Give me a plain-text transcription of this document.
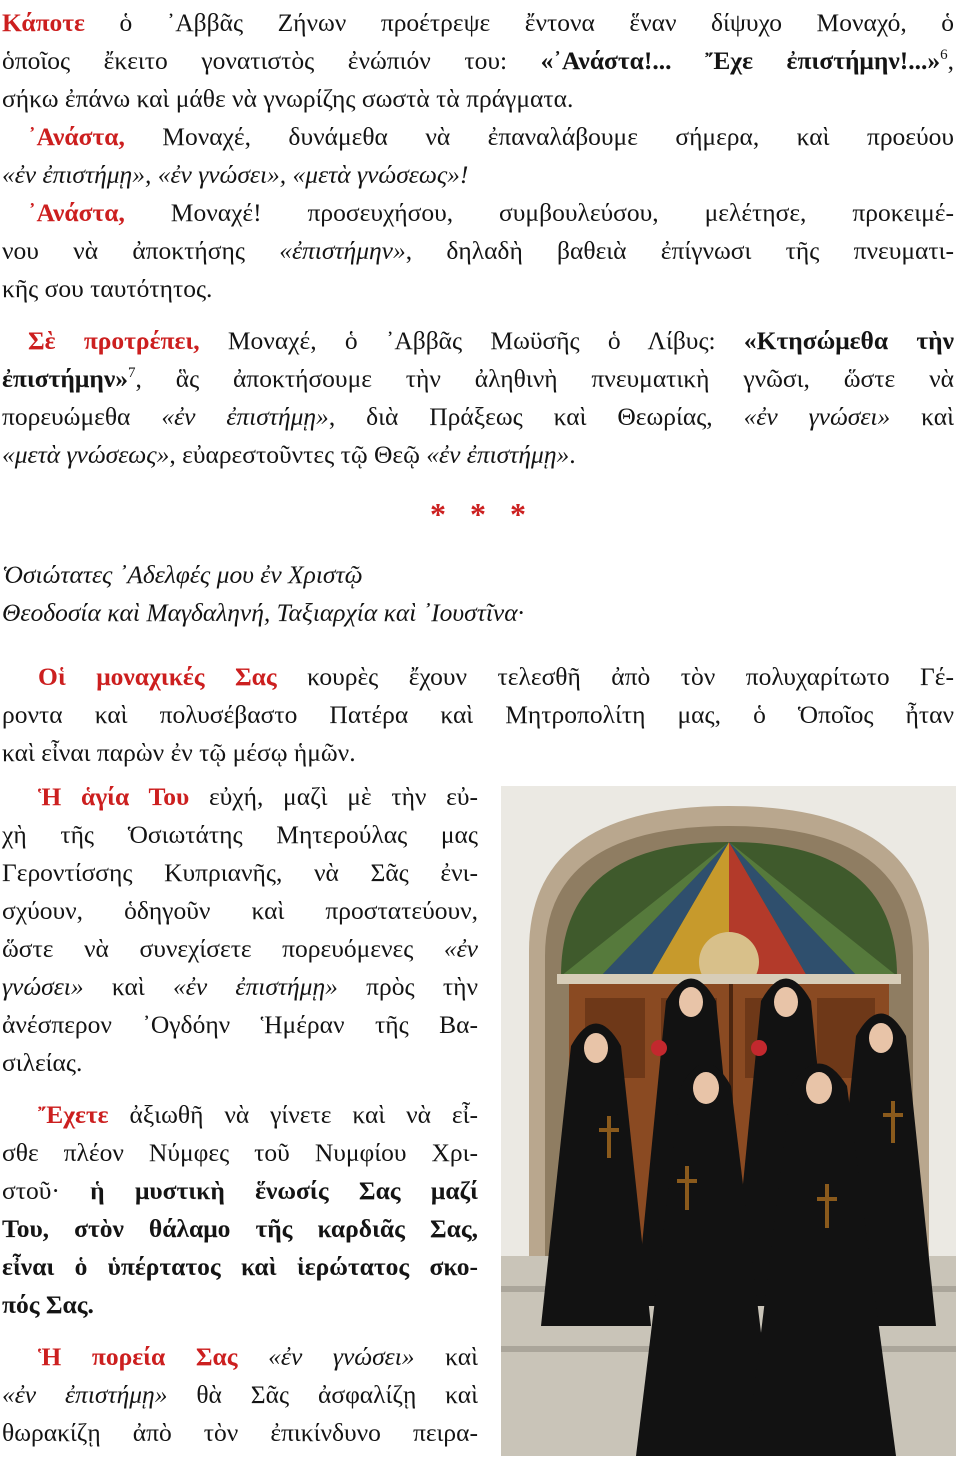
Κάποτε ὁ ᾿Αββᾶς Ζήνων προέτρεψε ἔντονα ἕναν δίψυχο Μοναχό, ὁ
ὁποῖος ἔκειτο γονατιστὸς ἐνώπιόν του: «᾿Ανάστα!... Ἔχε ἐπιστήμην!...»$^6$,
σήκω ἐπάνω καὶ μάθε νὰ γνωρίζης σωστὰ τὰ πράγματα.
᾿Ανάστα, Μοναχέ, δυνάμεθα νὰ ἐπαναλάβουμε σήμερα, καὶ προεύου
«ἐν ἐπιστήμῃ», «ἐν γνώσει», «μετὰ γνώσεως»!
᾿Ανάστα, Μοναχέ! προσευχήσου, συμβουλεύσου, μελέτησε, προκειμέ-
νου νὰ ἀποκτήσης «ἐπιστήμην», δηλαδὴ βαθειὰ ἐπίγνωσι τῆς πνευματι-
κῆς σου ταυτότητος.
Σὲ προτρέπει, Μοναχέ, ὁ ᾿Αββᾶς Μωϋσῆς ὁ Λίβυς: «Κτησώμεθα τὴν
ἐπιστήμην»$^7$, ἃς ἀποκτήσουμε τὴν ἀληθινὴ πνευματικὴ γνῶσι, ὥστε νὰ
πορευώμεθα «ἐν ἐπιστήμῃ», διὰ Πράξεως καὶ Θεωρίας, «ἐν γνώσει» καὶ
«μετὰ γνώσεως», εὐαρεστοῦντες τῷ Θεῷ «ἐν ἐπιστήμῃ».
* * *
Ὁσιώτατες ᾿Αδελφές μου ἐν Χριστῷ
Θεοδοσία καὶ Μαγδαληνή, Ταξιαρχία καὶ ᾿Ιουστῖνα·
Οἱ μοναχικές Σας κουρὲς ἔχουν τελεσθῆ ἀπὸ τὸν πολυχαρίτωτο Γέ-
ροντα καὶ πολυσέβαστο Πατέρα καὶ Μητροπολίτη μας, ὁ Ὁποῖος ἦταν
καὶ εἶναι παρὼν ἐν τῷ μέσῳ ἡμῶν.
Ἡ ἁγία Του εὐχή, μαζὶ μὲ τὴν εὐ-
χὴ τῆς Ὁσιωτάτης Μητερούλας μας
Γεροντίσσης Κυπριανῆς, νὰ Σᾶς ἐνι-
σχύουν, ὁδηγοῦν καὶ προστατεύουν,
ὥστε νὰ συνεχίσετε πορευόμενες «ἐν
γνώσει» καὶ «ἐν ἐπιστήμῃ» πρὸς τὴν
ἀνέσπερον ᾿Ογδόην Ἡμέραν τῆς Βα-
σιλείας.
Ἔχετε ἀξιωθῆ νὰ γίνετε καὶ νὰ εἶ-
σθε πλέον Νύμφες τοῦ Νυμφίου Χρι-
στοῦ· ἡ μυστικὴ ἕνωσίς Σας μαζί
Του, στὸν θάλαμο τῆς καρδιᾶς Σας,
εἶναι ὁ ὑπέρτατος καὶ ἱερώτατος σκο-
πός Σας.
Ἡ πορεία Σας «ἐν γνώσει» καὶ
«ἐν ἐπιστήμῃ» θὰ Σᾶς ἀσφαλίζῃ καὶ
θωρακίζῃ ἀπὸ τὸν ἐπικίνδυνο πειρα-
